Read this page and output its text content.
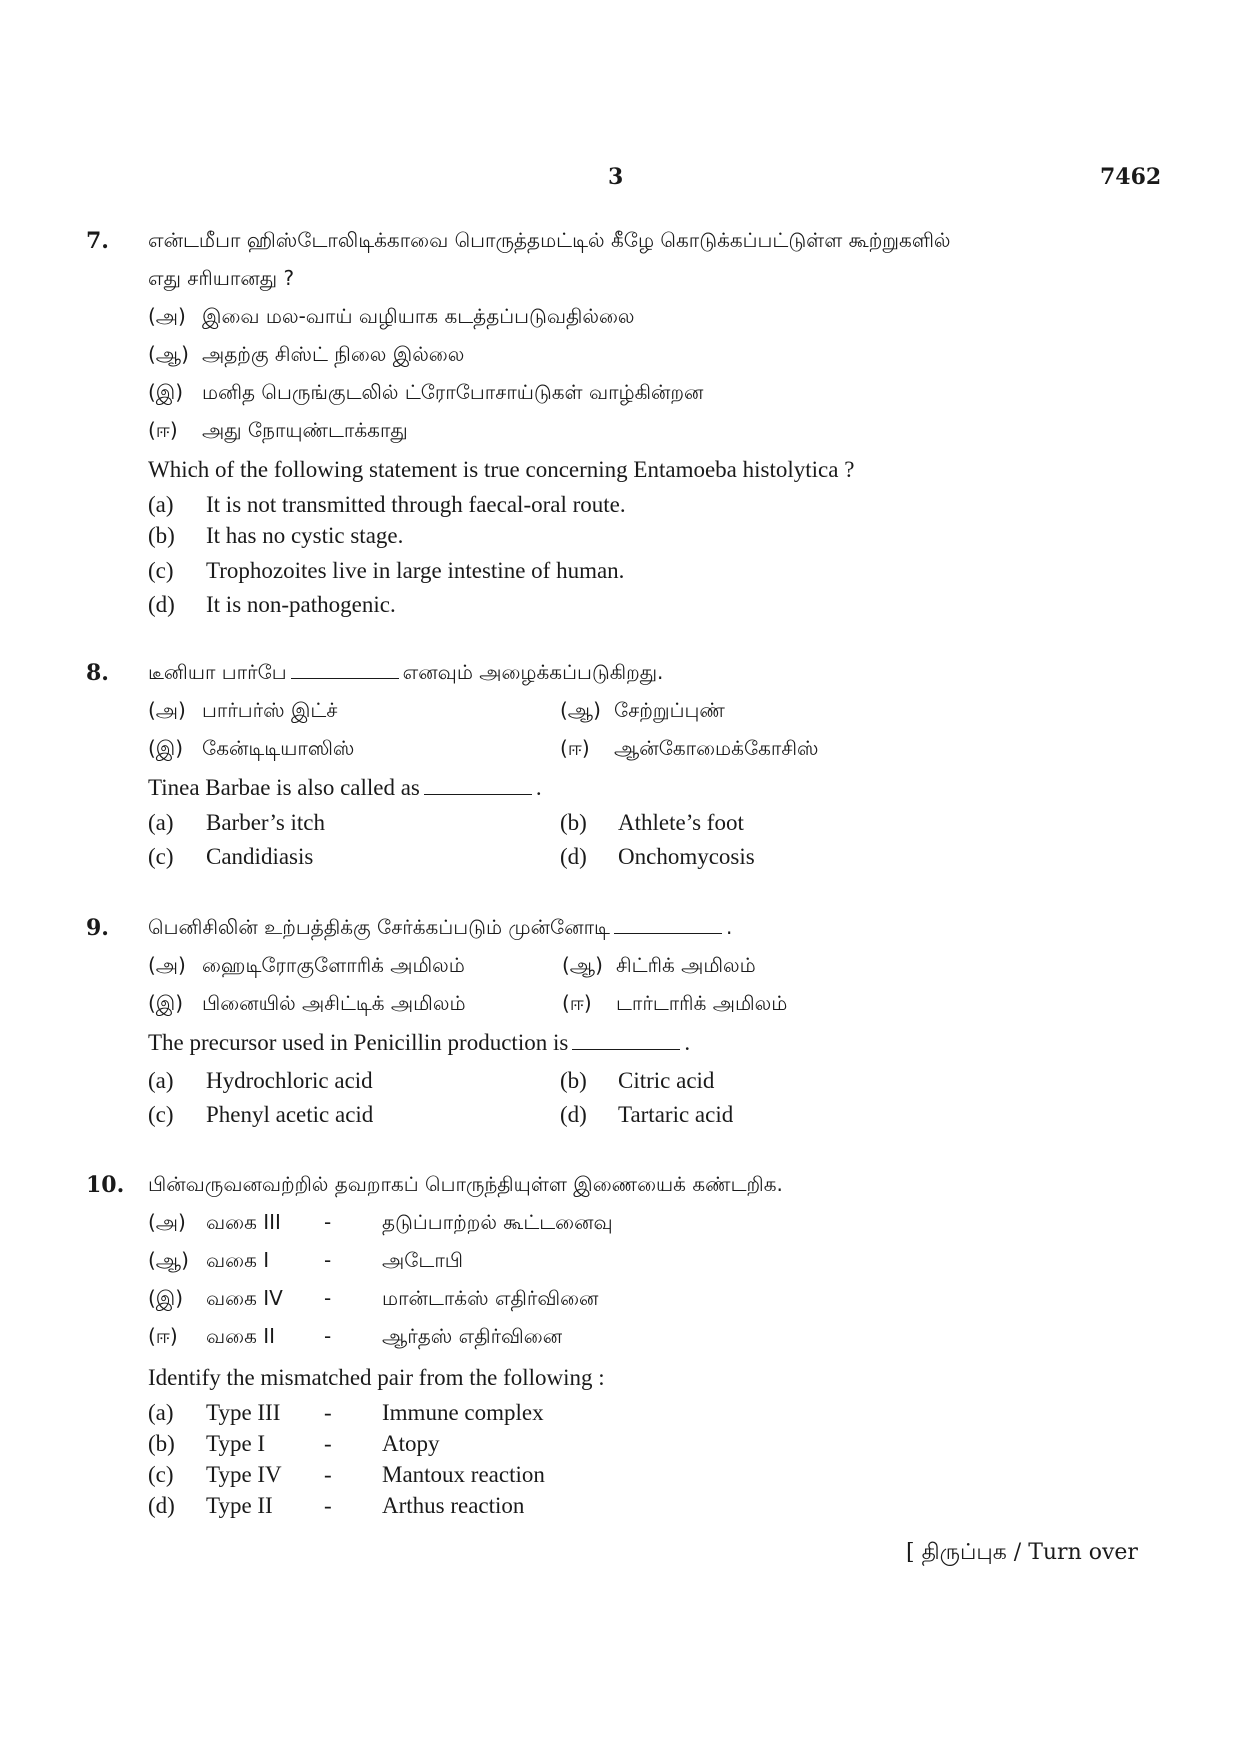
3	7462
7. என்டமீபா ஹிஸ்டோலிடிக்காவை பொருத்தமட்டில் கீழே கொடுக்கப்பட்டுள்ள கூற்றுகளில்
எது சரியானது ?
(அ) இவை மல-வாய் வழியாக கடத்தப்படுவதில்லை
(ஆ) அதற்கு சிஸ்ட் நிலை இல்லை
(இ) மனித பெருங்குடலில் ட்ரோபோசாய்டுகள் வாழ்கின்றன
(ஈ) அது நோயுண்டாக்காது
Which of the following statement is true concerning Entamoeba histolytica ?
(a) It is not transmitted through faecal-oral route.
(b) It has no cystic stage.
(c) Trophozoites live in large intestine of human.
(d) It is non-pathogenic.
8. டீனியா பார்பே	எனவும் அழைக்கப்படுகிறது.
(அ) பார்பர்ஸ் இட்ச்	(ஆ) சேற்றுப்புண்
(இ) கேன்டிடியாஸிஸ்	(ஈ) ஆன்கோமைக்கோசிஸ்
Tinea Barbae is also called as	.
(a) Barber’s itch	(b) Athlete’s foot
(c) Candidiasis	(d) Onchomycosis
9. பெனிசிலின் உற்பத்திக்கு சேர்க்கப்படும் முன்னோடி	.
(அ) ஹைடிரோகுளோரிக் அமிலம்	(ஆ) சிட்ரிக் அமிலம்
(இ) பினையில் அசிட்டிக் அமிலம்	(ஈ) டார்டாரிக் அமிலம்
The precursor used in Penicillin production is	.
(a) Hydrochloric acid	(b) Citric acid
(c) Phenyl acetic acid	(d) Tartaric acid
10. பின்வருவனவற்றில் தவறாகப் பொருந்தியுள்ள இணையைக் கண்டறிக.
(அ) வகை III -	தடுப்பாற்றல் கூட்டனைவு
(ஆ) வகை I	-	அடோபி
(இ) வகை IV -	மான்டாக்ஸ் எதிர்வினை
(ஈ) வகை II -	ஆர்தஸ் எதிர்வினை
Identify the mismatched pair from the following :
(a) Type III - Immune complex
(b) Type I	- Atopy
(c) Type IV - Mantoux reaction
(d) Type II - Arthus reaction
[ திருப்புக / Turn over
